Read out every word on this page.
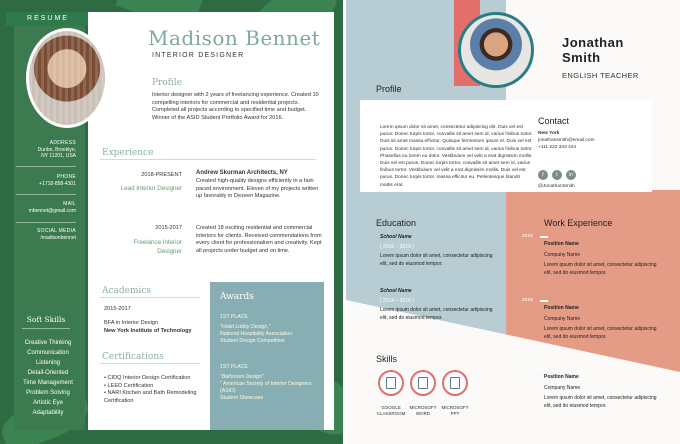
RESUME
ADDRESS
Dunbo, Brooklyn,
NY 11201, USA
PHONE
+1718-858-4301
MAIL
mbennet@gmail.com
SOCIAL MEDIA
/madisonbennet
Soft Skills
Creative Thinking
Communication
Listening
Detail-Oriented
Time Management
Problem Solving
Artistic Eye
Adaptability
Madison Bennet
INTERIOR DESIGNER
Profile
Interior designer with 2 years of freelancing experience. Created 10 compelling interiors for commercial and residential projects. Completed all projects according to specified time and budget. Winner of the ASID Student Portfolio Award for 2016.
Experience
2018-PRESENT
Lead Interior Designer
Andrew Skurman Architects, NY
Created high-quality designs efficiently in a fast-paced environment. Eleven of my projects written up favorably in Dezeen Magazine.
2015-2017
Freelance Interior Designer
Created 18 exciting residential and commercial interiors for clients. Received commendations from every client for professionalism and creativity. Kept all projects under budget and on time.
Academics
2015-2017
BFA in Interior Design
New York Institute of Technology
Certifications
• CIDQ Interior Design Certification
• LEED Certification
• NARI Kitchen and Bath Remodeling Certification
Awards
1ST PLACE
"Hotel Lobby Design,"
National Hospitality Association
Student Design Competition
1ST PLACE
"Bathroom Design"
" American Society of Interior Designers (ASID)
Student Showcase
Jonathan
Smith
ENGLISH TEACHER
Profile
Lorem ipsum dolor sit amet, consectetur adipiscing elit. Duis vel est purus. Donec turpis tortor, convallis sit amet sem id, varius finibus tortor. Duis sit amet massa efficitur. Quisque fermentum ipsum et. Duis vel est purus. Donec turpis tortor, convallis sit amet sem id, varius finibus tortor. Phasellus eu lorem eu dolor. Vestibulum vel velit a erat dignissim mollis. Duis vel est purus. Donec turpis tortor, convallis sit amet sem id, varius finibus tortor. Vestibulum vel velit a erat dignissim mollis. Duis vel est purus. Donec turpis tortor. massa efficitur eu. Pellentesque blandit mattis erat.
Contact
New York
jonathansmith@email.com
+111 222 333 444
f	t	in
@JonathanSmith
Education
School Name
( 2016 – 2019 )
Lorem ipsum dolor sit amet, consectetur adipiscing elit, sed do eiusmod tempor.
School Name
( 2014 – 2016 )
Lorem ipsum dolor sit amet, consectetur adipiscing elit, sed do eiusmod tempor.
Skills
GOOGLE CLASSROOM
MICROSOFT WORD
MICROSOFT PPT
Work Experience
2019
Position Name
Company Name
Lorem ipsum dolor sit amet, consectetur adipiscing elit, sed do eiusmod tempor.
2018
Position Name
Company Name
Lorem ipsum dolor sit amet, consectetur adipiscing elit, sed do eiusmod tempor.
2014
Position Name
Company Name
Lorem ipsum dolor sit amet, consectetur adipiscing elit, sed do eiusmod tempor.
